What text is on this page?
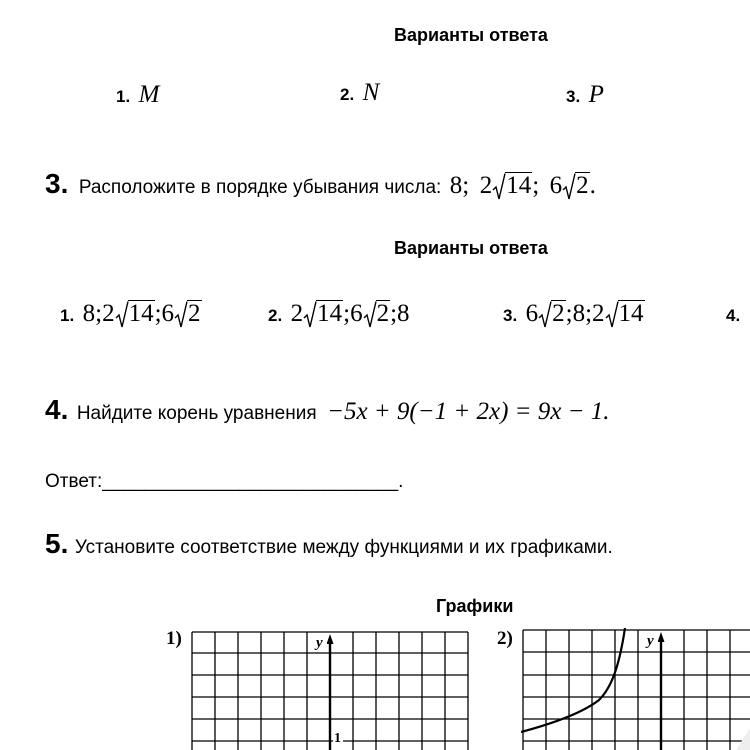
Варианты ответа
1. M	2. N	3. P
3. Расположите в порядке убывания числа: 8; 2 14; 6 2.
Варианты ответа
1. 8;2 14;6 2	2. 2 14;6 2;8	3. 6 2;8;2 14	4.
4. Найдите корень уравнения −5x + 9(−1 + 2x) = 9x − 1.
Ответ:____________________________.
5. Установите соответствие между функциями и их графиками.
Графики
1)	2)
y
1
y
